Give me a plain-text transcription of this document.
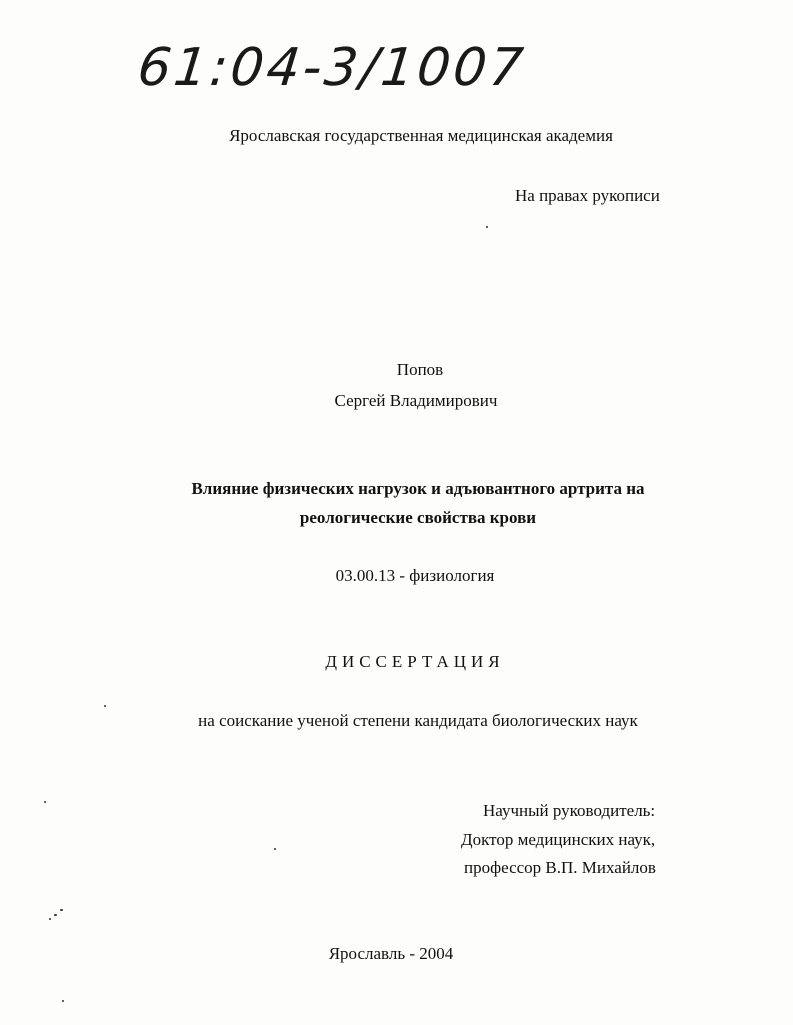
61:04-3/1007
Ярославская государственная медицинская академия
На правах рукописи
Попов
Сергей Владимирович
Влияние физических нагрузок и адъювантного артрита на
реологические свойства крови
03.00.13 - физиология
ДИССЕРТАЦИЯ
на соискание ученой степени кандидата биологических наук
Научный руководитель:
Доктор медицинских наук,
профессор В.П. Михайлов
Ярославль - 2004
